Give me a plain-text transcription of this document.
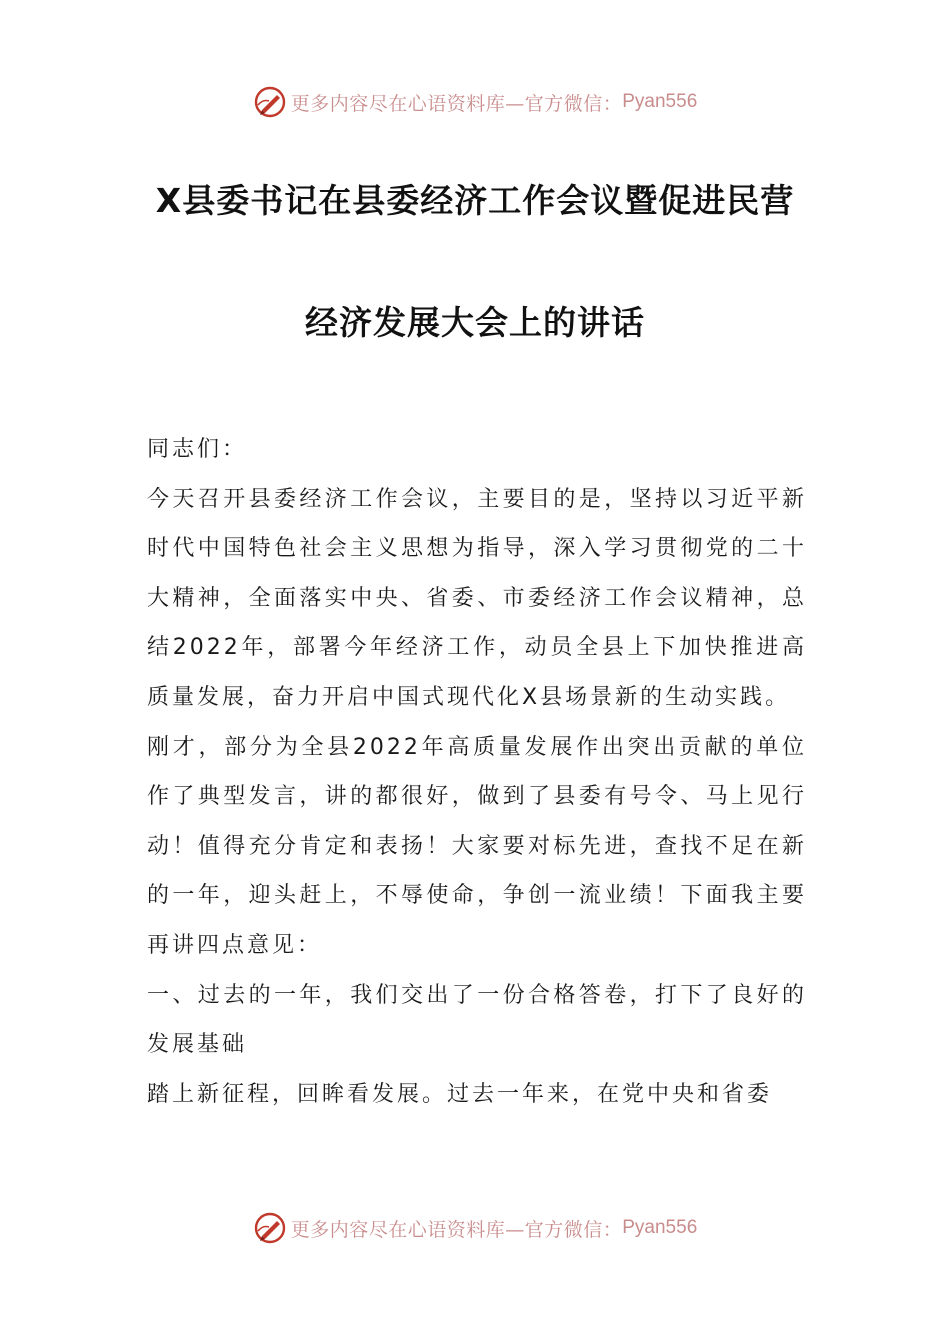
更多内容尽在心语资料库—官方微信： Pyan556
X县委书记在县委经济工作会议暨促进民营
经济发展大会上的讲话

同志们：

今天召开县委经济工作会议，主要目的是，坚持以习近平新时代中国特色社会主义思想为指导，深入学习贯彻党的二十大精神，全面落实中央、省委、市委经济工作会议精神，总结2022年，部署今年经济工作，动员全县上下加快推进高质量发展，奋力开启中国式现代化X县场景新的生动实践。

刚才，部分为全县2022年高质量发展作出突出贡献的单位作了典型发言，讲的都很好，做到了县委有号令、马上见行动！值得充分肯定和表扬！大家要对标先进，查找不足在新的一年，迎头赶上，不辱使命，争创一流业绩！下面我主要再讲四点意见：

一、过去的一年，我们交出了一份合格答卷，打下了良好的发展基础

踏上新征程，回眸看发展。过去一年来，在党中央和省委

更多内容尽在心语资料库—官方微信： Pyan556
